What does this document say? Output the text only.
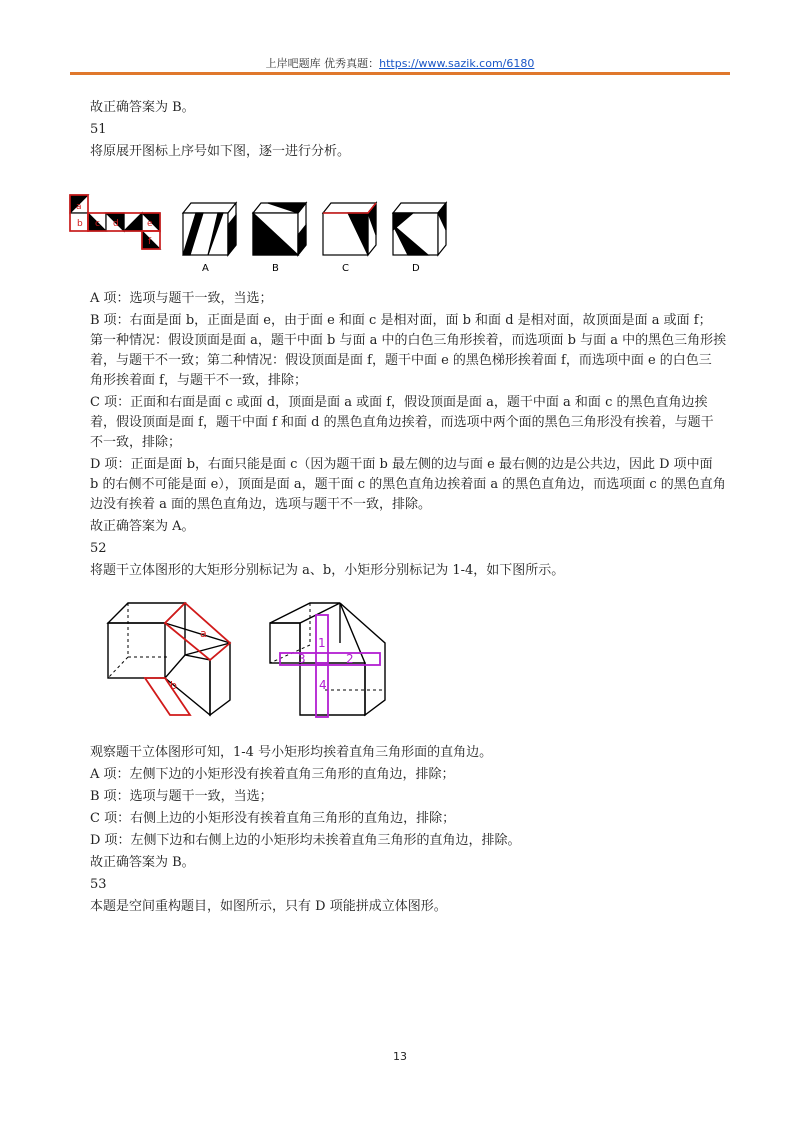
上岸吧题库 优秀真题：https://www.sazik.com/6180
故正确答案为 B。
51
将原展开图标上序号如下图，逐一进行分析。
a
b c d	e
f
A	B	C	D
A 项：选项与题干一致，当选；
B 项：右面是面 b，正面是面 e，由于面 e 和面 c 是相对面，面 b 和面 d 是相对面，故顶面是面 a 或面 f；
第一种情况：假设顶面是面 a，题干中面 b 与面 a 中的白色三角形挨着，而选项面 b 与面 a 中的黑色三角形挨
着，与题干不一致；第二种情况：假设顶面是面 f，题干中面 e 的黑色梯形挨着面 f，而选项中面 e 的白色三
角形挨着面 f，与题干不一致，排除；
C 项：正面和右面是面 c 或面 d，顶面是面 a 或面 f，假设顶面是面 a，题干中面 a 和面 c 的黑色直角边挨
着，假设顶面是面 f，题干中面 f 和面 d 的黑色直角边挨着，而选项中两个面的黑色三角形没有挨着，与题干
不一致，排除；
D 项：正面是面 b，右面只能是面 c（因为题干面 b 最左侧的边与面 e 最右侧的边是公共边，因此 D 项中面
b 的右侧不可能是面 e），顶面是面 a，题干面 c 的黑色直角边挨着面 a 的黑色直角边，而选项面 c 的黑色直角
边没有挨着 a 面的黑色直角边，选项与题干不一致，排除。
故正确答案为 A。
52
将题干立体图形的大矩形分别标记为 a、b，小矩形分别标记为 1-4，如下图所示。
a
b
1
2
3
4
观察题干立体图形可知，1-4 号小矩形均挨着直角三角形面的直角边。
A 项：左侧下边的小矩形没有挨着直角三角形的直角边，排除；
B 项：选项与题干一致，当选；
C 项：右侧上边的小矩形没有挨着直角三角形的直角边，排除；
D 项：左侧下边和右侧上边的小矩形均未挨着直角三角形的直角边，排除。
故正确答案为 B。
53
本题是空间重构题目，如图所示，只有 D 项能拼成立体图形。
13
